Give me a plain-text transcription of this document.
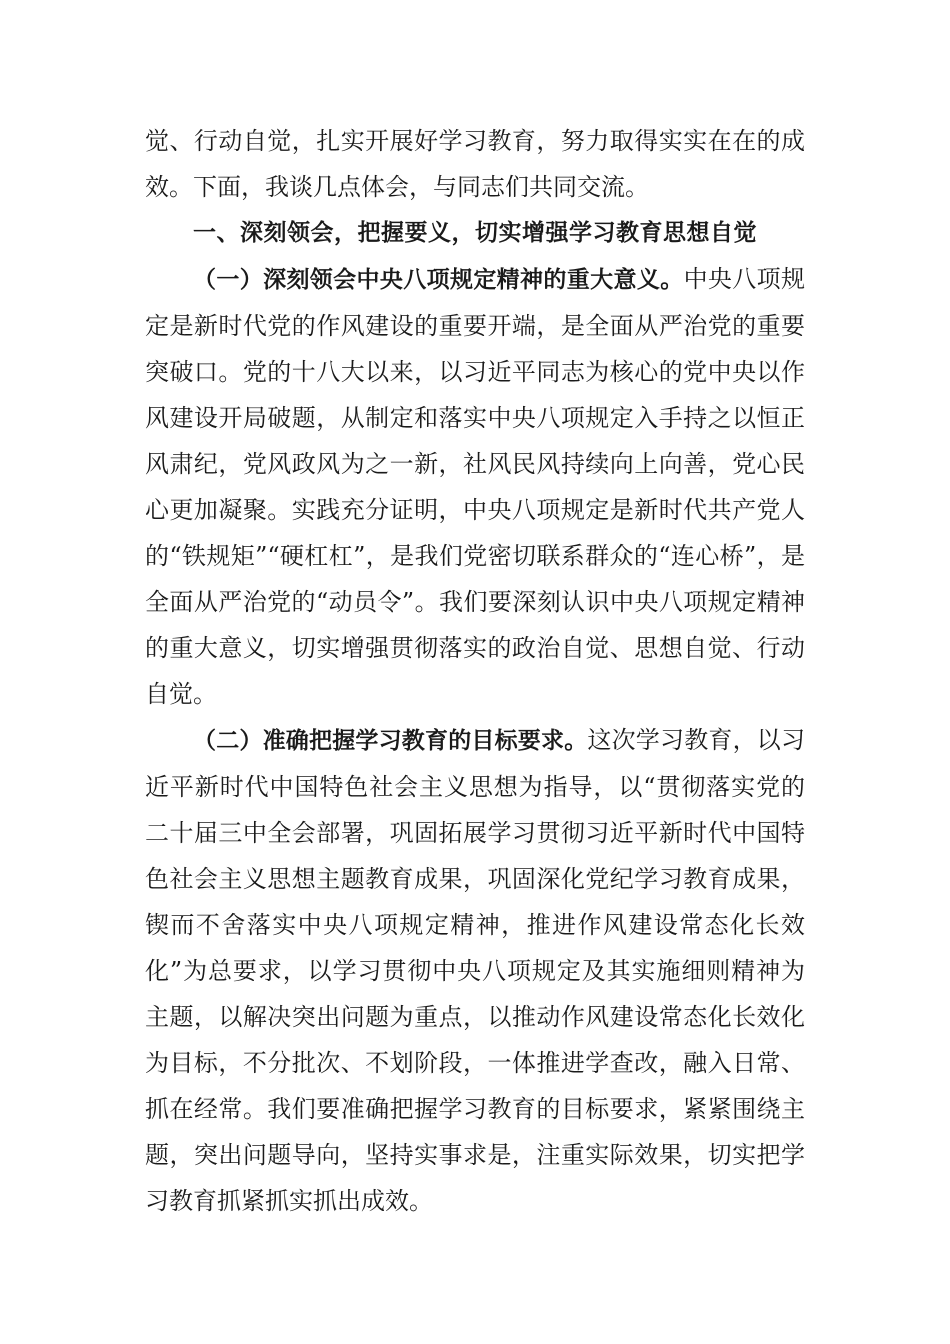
觉、行动自觉，扎实开展好学习教育，努力取得实实在在的成效。下面，我谈几点体会，与同志们共同交流。

一、深刻领会，把握要义，切实增强学习教育思想自觉

（一）深刻领会中央八项规定精神的重大意义。中央八项规定是新时代党的作风建设的重要开端，是全面从严治党的重要突破口。党的十八大以来，以习近平同志为核心的党中央以作风建设开局破题，从制定和落实中央八项规定入手持之以恒正风肃纪，党风政风为之一新，社风民风持续向上向善，党心民心更加凝聚。实践充分证明，中央八项规定是新时代共产党人的“铁规矩”“硬杠杠”，是我们党密切联系群众的“连心桥”，是全面从严治党的“动员令”。我们要深刻认识中央八项规定精神的重大意义，切实增强贯彻落实的政治自觉、思想自觉、行动自觉。

（二）准确把握学习教育的目标要求。这次学习教育，以习近平新时代中国特色社会主义思想为指导，以“贯彻落实党的二十届三中全会部署，巩固拓展学习贯彻习近平新时代中国特色社会主义思想主题教育成果，巩固深化党纪学习教育成果，锲而不舍落实中央八项规定精神，推进作风建设常态化长效化”为总要求，以学习贯彻中央八项规定及其实施细则精神为主题，以解决突出问题为重点，以推动作风建设常态化长效化为目标，不分批次、不划阶段，一体推进学查改，融入日常、抓在经常。我们要准确把握学习教育的目标要求，紧紧围绕主题，突出问题导向，坚持实事求是，注重实际效果，切实把学习教育抓紧抓实抓出成效。
